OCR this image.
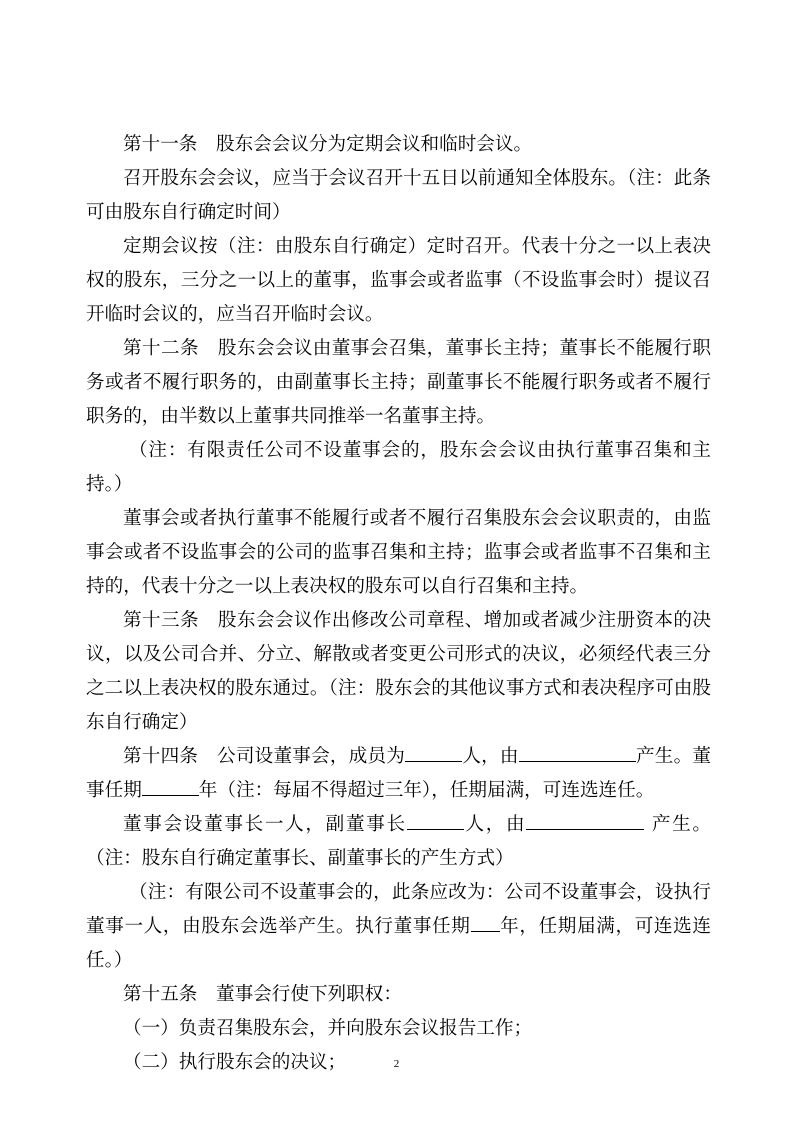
第十一条　股东会会议分为定期会议和临时会议。

召开股东会会议，应当于会议召开十五日以前通知全体股东。（注：此条可由股东自行确定时间）

定期会议按（注：由股东自行确定）定时召开。代表十分之一以上表决权的股东，三分之一以上的董事，监事会或者监事（不设监事会时）提议召开临时会议的，应当召开临时会议。

第十二条　股东会会议由董事会召集，董事长主持；董事长不能履行职务或者不履行职务的，由副董事长主持；副董事长不能履行职务或者不履行职务的，由半数以上董事共同推举一名董事主持。

（注：有限责任公司不设董事会的，股东会会议由执行董事召集和主持。）

董事会或者执行董事不能履行或者不履行召集股东会会议职责的，由监事会或者不设监事会的公司的监事召集和主持；监事会或者监事不召集和主持的，代表十分之一以上表决权的股东可以自行召集和主持。

第十三条　股东会会议作出修改公司章程、增加或者减少注册资本的决议，以及公司合并、分立、解散或者变更公司形式的决议，必须经代表三分之二以上表决权的股东通过。（注：股东会的其他议事方式和表决程序可由股东自行确定）

第十四条　公司设董事会，成员为	人，由	产生。董事任期	年（注：每届不得超过三年），任期届满，可连选连任。

董事会设董事长一人，副董事长	人，由	产生。（注：股东自行确定董事长、副董事长的产生方式）

（注：有限公司不设董事会的，此条应改为：公司不设董事会，设执行董事一人，由股东会选举产生。执行董事任期 年，任期届满，可连选连任。）

第十五条　董事会行使下列职权：

（一）负责召集股东会，并向股东会议报告工作；

（二）执行股东会的决议；	2
